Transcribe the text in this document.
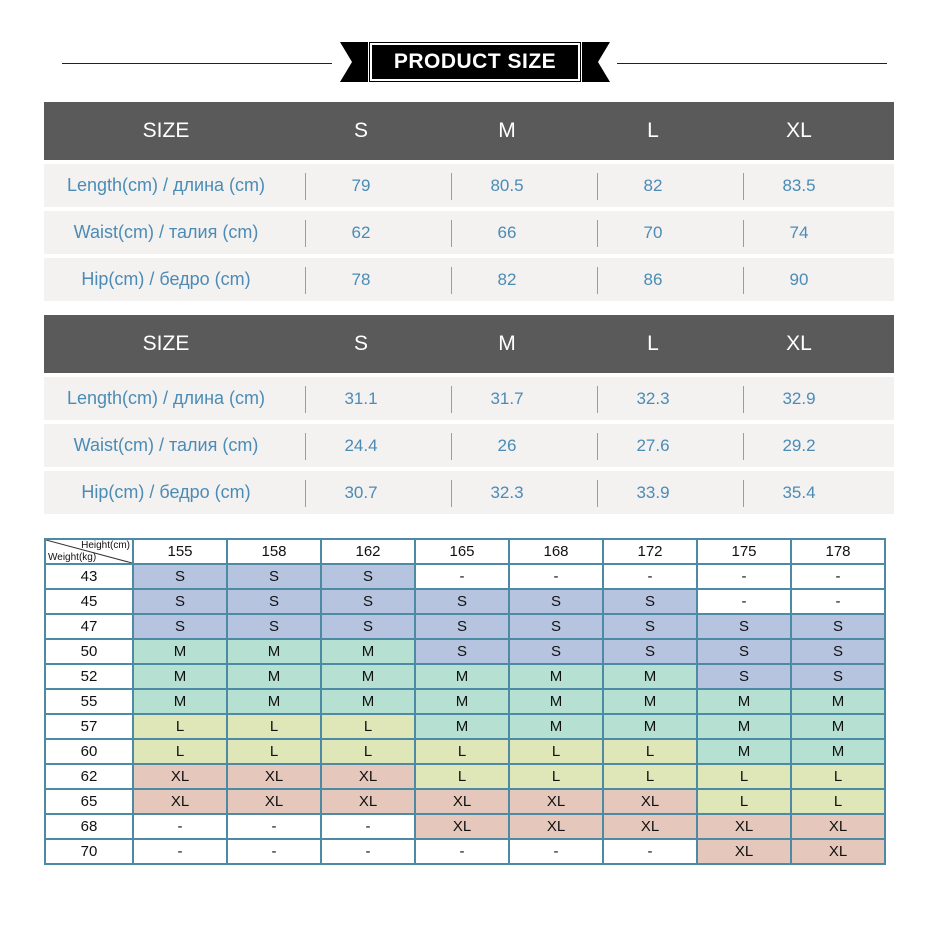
PRODUCT SIZE
SIZE	S	M	L	XL
Length(cm) / длина (cm)	79	80.5	82	83.5
Waist(cm) / талия (cm)	62	66	70	74
Hip(cm) / бедро (cm)	78	82	86	90
SIZE	S	M	L	XL
Length(cm) / длина (cm)	31.1	31.7	32.3	32.9
Waist(cm) / талия (cm)	24.4	26	27.6	29.2
Hip(cm) / бедро (cm)	30.7	32.3	33.9	35.4
Height(cm)
Weight(kg)	155	158	162	165	168	172	175	178
43	S	S	S	-	-	-	-	-
45	S	S	S	S	S	S	-	-
47	S	S	S	S	S	S	S	S
50	M	M	M	S	S	S	S	S
52	M	M	M	M	M	M	S	S
55	M	M	M	M	M	M	M	M
57	L	L	L	M	M	M	M	M
60	L	L	L	L	L	L	M	M
62	XL	XL	XL	L	L	L	L	L
65	XL	XL	XL	XL	XL	XL	L	L
68	-	-	-	XL	XL	XL	XL	XL
70	-	-	-	-	-	-	XL	XL
